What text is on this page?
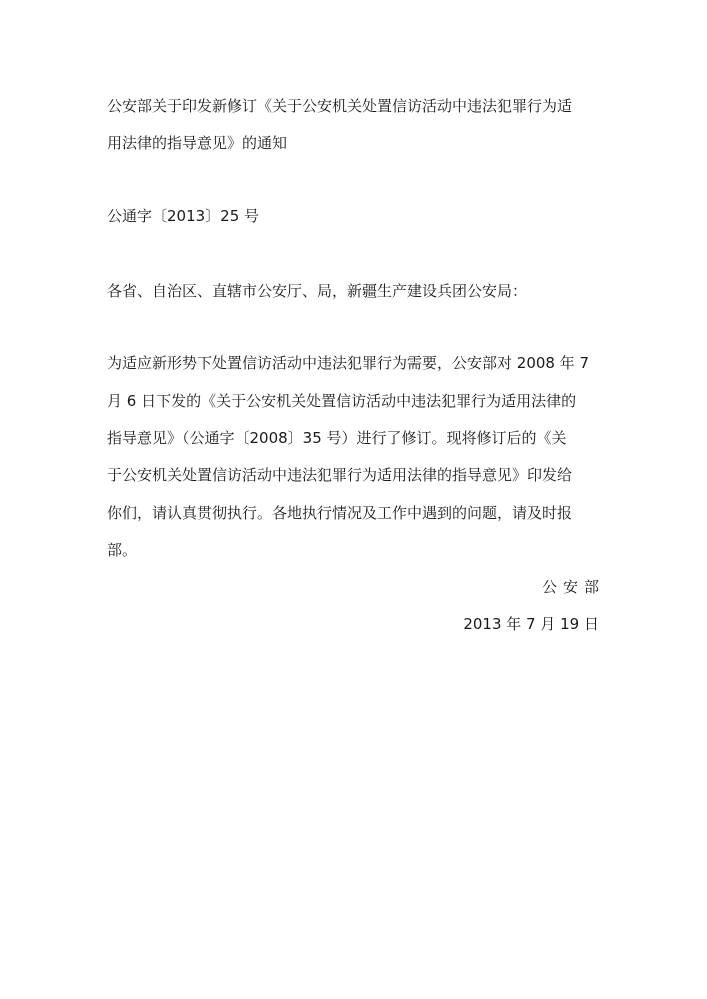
公安部关于印发新修订《关于公安机关处置信访活动中违法犯罪行为适
用法律的指导意见》的通知
公通字〔2013〕25 号
各省、自治区、直辖市公安厅、局，新疆生产建设兵团公安局：
为适应新形势下处置信访活动中违法犯罪行为需要，公安部对 2008 年 7
月 6 日下发的《关于公安机关处置信访活动中违法犯罪行为适用法律的
指导意见》（公通字〔2008〕35 号）进行了修订。现将修订后的《关
于公安机关处置信访活动中违法犯罪行为适用法律的指导意见》印发给
你们，请认真贯彻执行。各地执行情况及工作中遇到的问题，请及时报
部。
公安部
2013 年 7 月 19 日
